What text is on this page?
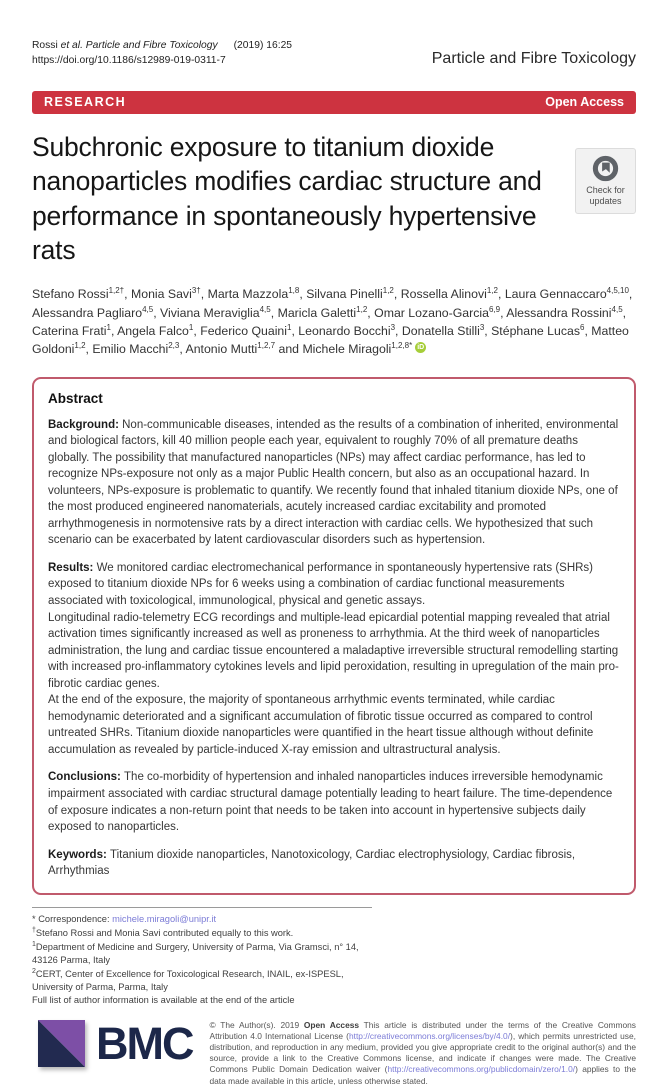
Rossi et al. Particle and Fibre Toxicology (2019) 16:25
https://doi.org/10.1186/s12989-019-0311-7	Particle and Fibre Toxicology
RESEARCH	Open Access
Check for
updates
Subchronic exposure to titanium dioxide nanoparticles modifies cardiac structure and performance in spontaneously hypertensive rats
Stefano Rossi$^{1,2\dagger}$, Monia Savi$^{3\dagger}$, Marta Mazzola$^{1,8}$, Silvana Pinelli$^{1,2}$, Rossella Alinovi$^{1,2}$, Laura Gennaccaro$^{4,5,10}$, Alessandra Pagliaro$^{4,5}$, Viviana Meraviglia$^{4,5}$, Maricla Galetti$^{1,2}$, Omar Lozano-Garcia$^{6,9}$, Alessandra Rossini$^{4,5}$, Caterina Frati$^1$, Angela Falco$^1$, Federico Quaini$^1$, Leonardo Bocchi$^3$, Donatella Stilli$^3$, Stéphane Lucas$^6$, Matteo Goldoni$^{1,2}$, Emilio Macchi$^{2,3}$, Antonio Mutti$^{1,2,7}$ and Michele Miragoli$^{1,2,8*}$ iD
Abstract
Background: Non-communicable diseases, intended as the results of a combination of inherited, environmental and biological factors, kill 40 million people each year, equivalent to roughly 70% of all premature deaths globally. The possibility that manufactured nanoparticles (NPs) may affect cardiac performance, has led to recognize NPs-exposure not only as a major Public Health concern, but also as an occupational hazard. In volunteers, NPs-exposure is problematic to quantify. We recently found that inhaled titanium dioxide NPs, one of the most produced engineered nanomaterials, acutely increased cardiac excitability and promoted arrhythmogenesis in normotensive rats by a direct interaction with cardiac cells. We hypothesized that such scenario can be exacerbated by latent cardiovascular disorders such as hypertension.
Results: We monitored cardiac electromechanical performance in spontaneously hypertensive rats (SHRs) exposed to titanium dioxide NPs for 6 weeks using a combination of cardiac functional measurements associated with toxicological, immunological, physical and genetic assays.
Longitudinal radio-telemetry ECG recordings and multiple-lead epicardial potential mapping revealed that atrial activation times significantly increased as well as proneness to arrhythmia. At the third week of nanoparticles administration, the lung and cardiac tissue encountered a maladaptive irreversible structural remodelling starting with increased pro-inflammatory cytokines levels and lipid peroxidation, resulting in upregulation of the main pro-fibrotic cardiac genes.
At the end of the exposure, the majority of spontaneous arrhythmic events terminated, while cardiac hemodynamic deteriorated and a significant accumulation of fibrotic tissue occurred as compared to control untreated SHRs. Titanium dioxide nanoparticles were quantified in the heart tissue although without definite accumulation as revealed by particle-induced X-ray emission and ultrastructural analysis.
Conclusions: The co-morbidity of hypertension and inhaled nanoparticles induces irreversible hemodynamic impairment associated with cardiac structural damage potentially leading to heart failure. The time-dependence of exposure indicates a non-return point that needs to be taken into account in hypertensive subjects daily exposed to nanoparticles.
Keywords: Titanium dioxide nanoparticles, Nanotoxicology, Cardiac electrophysiology, Cardiac fibrosis, Arrhythmias
* Correspondence: michele.miragoli@unipr.it
†Stefano Rossi and Monia Savi contributed equally to this work.
$^1$Department of Medicine and Surgery, University of Parma, Via Gramsci, n° 14, 43126 Parma, Italy
$^2$CERT, Center of Excellence for Toxicological Research, INAIL, ex-ISPESL, University of Parma, Parma, Italy
Full list of author information is available at the end of the article
BMC © The Author(s). 2019 Open Access This article is distributed under the terms of the Creative Commons Attribution 4.0 International License (http://creativecommons.org/licenses/by/4.0/), which permits unrestricted use, distribution, and reproduction in any medium, provided you give appropriate credit to the original author(s) and the source, provide a link to the Creative Commons license, and indicate if changes were made. The Creative Commons Public Domain Dedication waiver (http://creativecommons.org/publicdomain/zero/1.0/) applies to the data made available in this article, unless otherwise stated.
